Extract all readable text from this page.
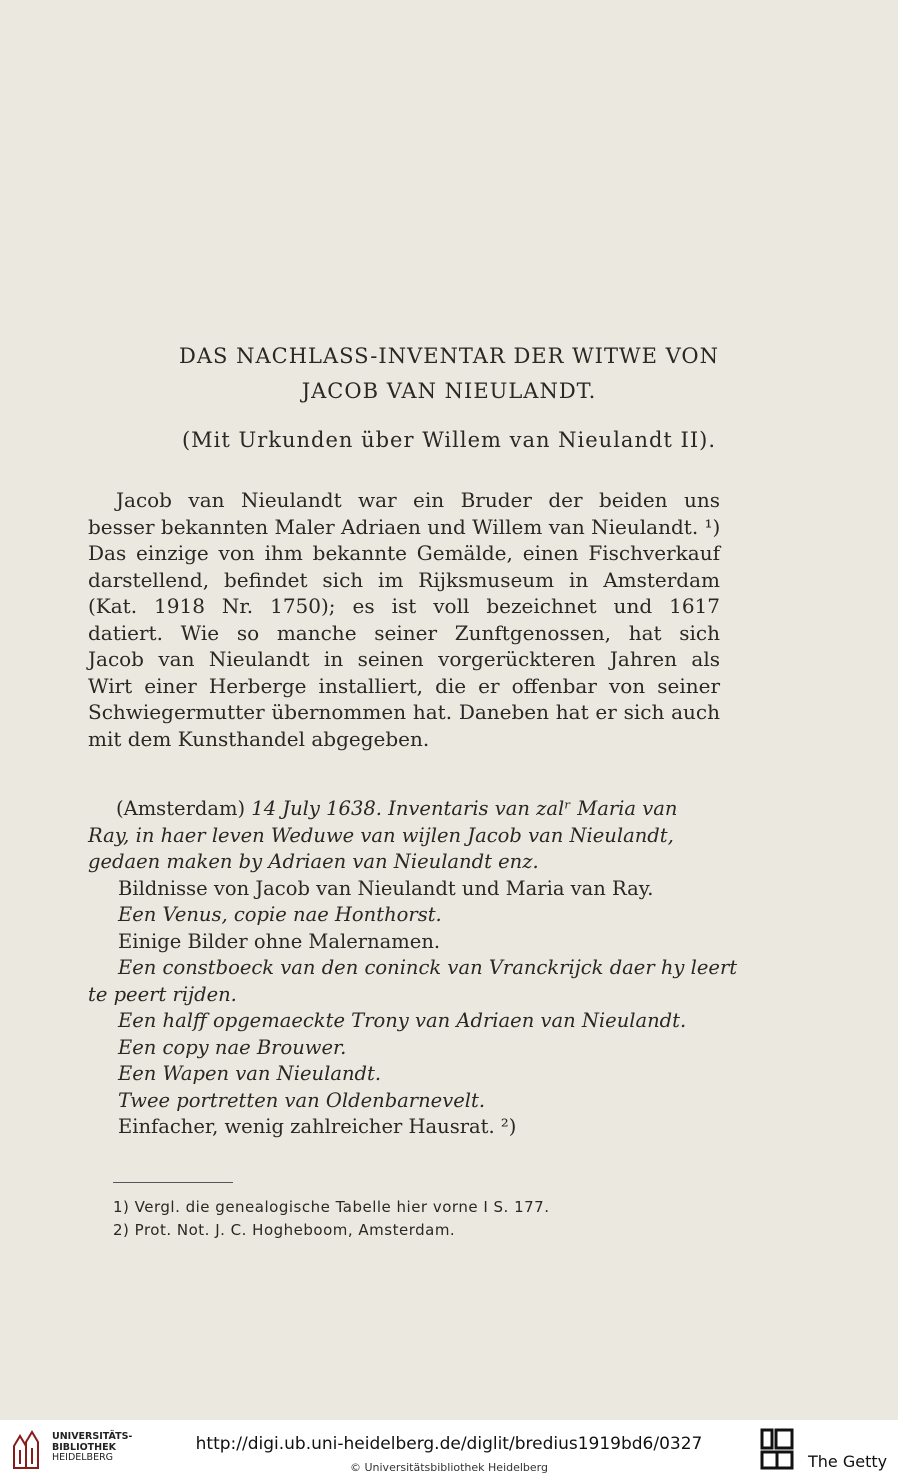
DAS NACHLASS-INVENTAR DER WITWE VON
JACOB VAN NIEULANDT.
(Mit Urkunden über Willem van Nieulandt II).
Jacob van Nieulandt war ein Bruder der beiden uns
besser bekannten Maler Adriaen und Willem van Nieulandt. ¹)
Das einzige von ihm bekannte Gemälde, einen Fischverkauf
darstellend, befindet sich im Rijksmuseum in Amsterdam
(Kat. 1918 Nr. 1750); es ist voll bezeichnet und 1617
datiert. Wie so manche seiner Zunftgenossen, hat sich
Jacob van Nieulandt in seinen vorgerückteren Jahren als
Wirt einer Herberge installiert, die er offenbar von seiner
Schwiegermutter übernommen hat. Daneben hat er sich auch
mit dem Kunsthandel abgegeben.
(Amsterdam) 14 July 1638. Inventaris van zalʳ Maria van
Ray, in haer leven Weduwe van wijlen Jacob van Nieulandt,
gedaen maken by Adriaen van Nieulandt enz.
Bildnisse von Jacob van Nieulandt und Maria van Ray.
Een Venus, copie nae Honthorst.
Einige Bilder ohne Malernamen.
Een constboeck van den coninck van Vranckrijck daer hy leert
te peert rijden.
Een halff opgemaeckte Trony van Adriaen van Nieulandt.
Een copy nae Brouwer.
Een Wapen van Nieulandt.
Twee portretten van Oldenbarnevelt.
Einfacher, wenig zahlreicher Hausrat. ²)
1) Vergl. die genealogische Tabelle hier vorne I S. 177.
2) Prot. Not. J. C. Hogheboom, Amsterdam.
UNIVERSITÄTS-
BIBLIOTHEK
HEIDELBERG
http://digi.ub.uni-heidelberg.de/diglit/bredius1919bd6/0327
© Universitätsbibliothek Heidelberg	The Getty
